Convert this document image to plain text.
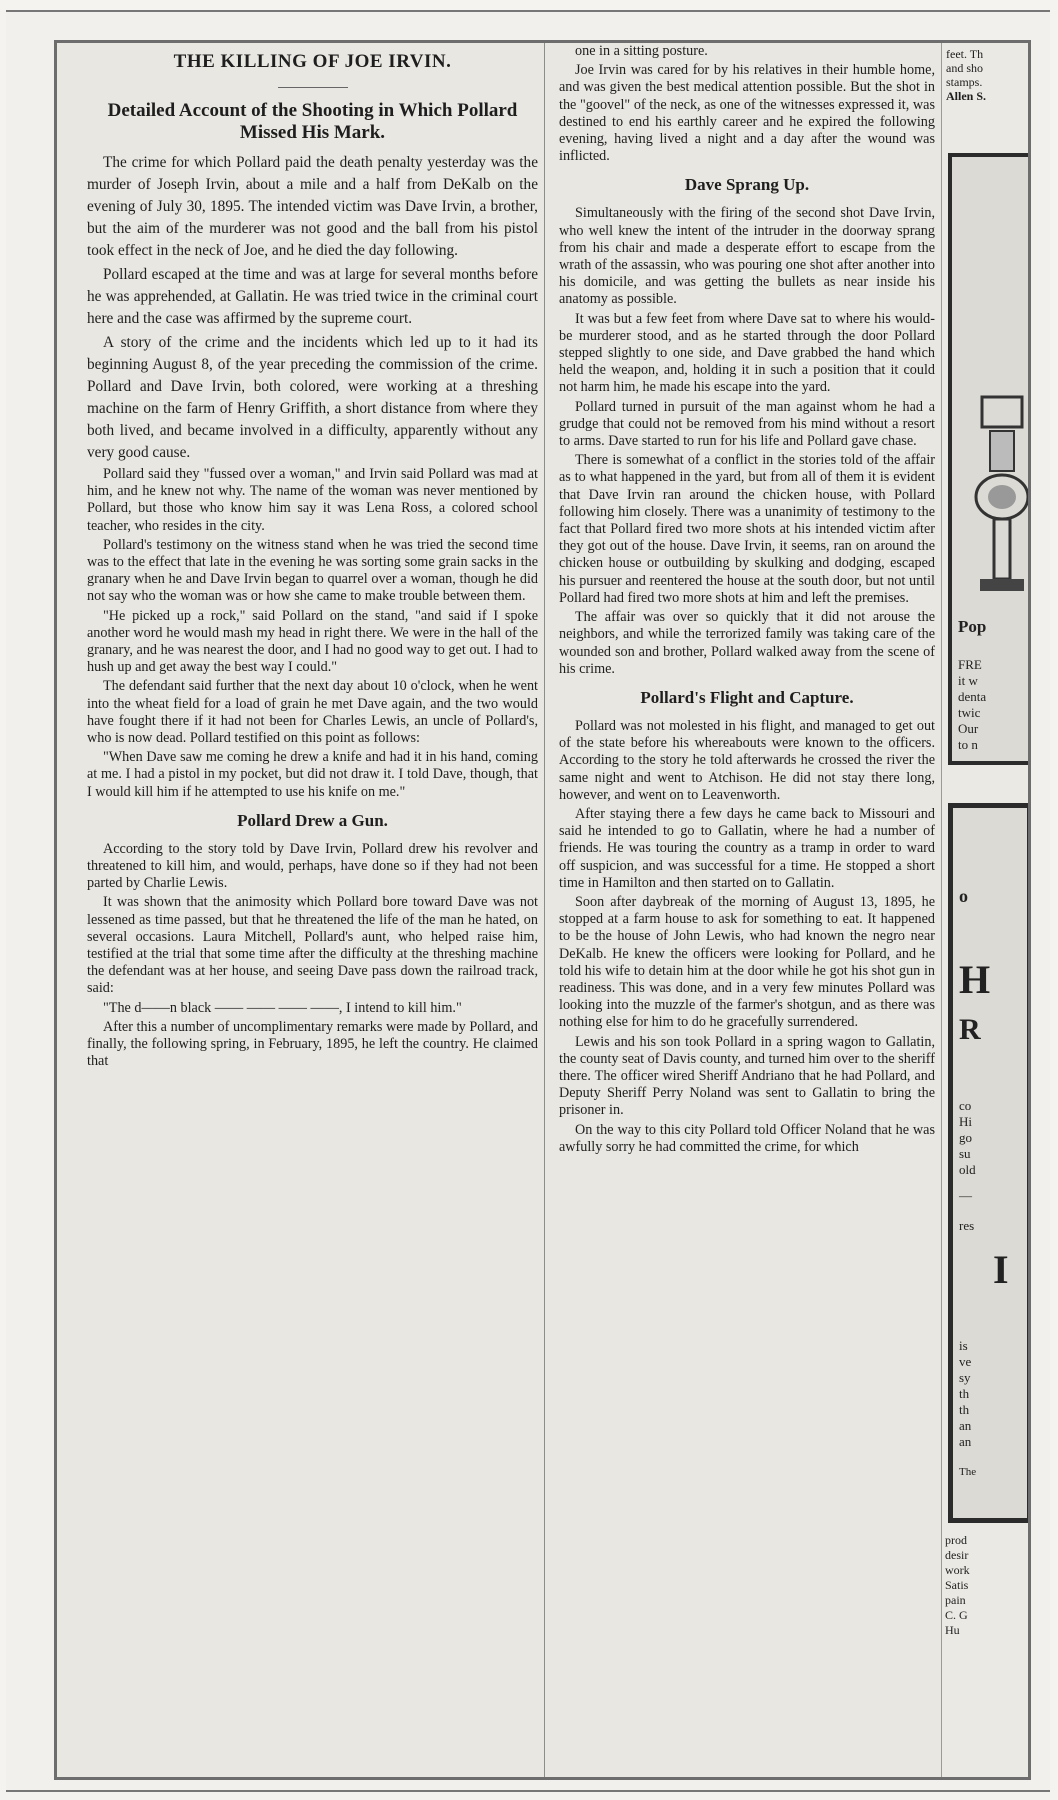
THE KILLING OF JOE IRVIN.
Detailed Account of the Shooting in Which Pollard Missed His Mark.

The crime for which Pollard paid the death penalty yesterday was the murder of Joseph Irvin, about a mile and a half from DeKalb on the evening of July 30, 1895. The intended victim was Dave Irvin, a brother, but the aim of the murderer was not good and the ball from his pistol took effect in the neck of Joe, and he died the day following.

Pollard escaped at the time and was at large for several months before he was apprehended, at Gallatin. He was tried twice in the criminal court here and the case was affirmed by the supreme court.

A story of the crime and the incidents which led up to it had its beginning August 8, of the year preceding the commission of the crime. Pollard and Dave Irvin, both colored, were working at a threshing machine on the farm of Henry Griffith, a short distance from where they both lived, and became involved in a difficulty, apparently without any very good cause.

Pollard said they "fussed over a woman," and Irvin said Pollard was mad at him, and he knew not why. The name of the woman was never mentioned by Pollard, but those who know him say it was Lena Ross, a colored school teacher, who resides in the city.

Pollard's testimony on the witness stand when he was tried the second time was to the effect that late in the evening he was sorting some grain sacks in the granary when he and Dave Irvin began to quarrel over a woman, though he did not say who the woman was or how she came to make trouble between them.

"He picked up a rock," said Pollard on the stand, "and said if I spoke another word he would mash my head in right there. We were in the hall of the granary, and he was nearest the door, and I had no good way to get out. I had to hush up and get away the best way I could."

The defendant said further that the next day about 10 o'clock, when he went into the wheat field for a load of grain he met Dave again, and the two would have fought there if it had not been for Charles Lewis, an uncle of Pollard's, who is now dead. Pollard testified on this point as follows:

"When Dave saw me coming he drew a knife and had it in his hand, coming at me. I had a pistol in my pocket, but did not draw it. I told Dave, though, that I would kill him if he attempted to use his knife on me."

Pollard Drew a Gun.

According to the story told by Dave Irvin, Pollard drew his revolver and threatened to kill him, and would, perhaps, have done so if they had not been parted by Charlie Lewis.

It was shown that the animosity which Pollard bore toward Dave was not lessened as time passed, but that he threatened the life of the man he hated, on several occasions. Laura Mitchell, Pollard's aunt, who helped raise him, testified at the trial that some time after the difficulty at the threshing machine the defendant was at her house, and seeing Dave pass down the railroad track, said:

"The d——n black —— —— —— ——, I intend to kill him."

After this a number of uncomplimentary remarks were made by Pollard, and finally, the following spring, in February, 1895, he left the country. He claimed that

one in a sitting posture.

Joe Irvin was cared for by his relatives in their humble home, and was given the best medical attention possible. But the shot in the "goovel" of the neck, as one of the witnesses expressed it, was destined to end his earthly career and he expired the following evening, having lived a night and a day after the wound was inflicted.

Dave Sprang Up.

Simultaneously with the firing of the second shot Dave Irvin, who well knew the intent of the intruder in the doorway sprang from his chair and made a desperate effort to escape from the wrath of the assassin, who was pouring one shot after another into his domicile, and was getting the bullets as near inside his anatomy as possible.

It was but a few feet from where Dave sat to where his would-be murderer stood, and as he started through the door Pollard stepped slightly to one side, and Dave grabbed the hand which held the weapon, and, holding it in such a position that it could not harm him, he made his escape into the yard.

Pollard turned in pursuit of the man against whom he had a grudge that could not be removed from his mind without a resort to arms. Dave started to run for his life and Pollard gave chase.

There is somewhat of a conflict in the stories told of the affair as to what happened in the yard, but from all of them it is evident that Dave Irvin ran around the chicken house, with Pollard following him closely. There was a unanimity of testimony to the fact that Pollard fired two more shots at his intended victim after they got out of the house. Dave Irvin, it seems, ran on around the chicken house or outbuilding by skulking and dodging, escaped his pursuer and reentered the house at the south door, but not until Pollard had fired two more shots at him and left the premises.

The affair was over so quickly that it did not arouse the neighbors, and while the terrorized family was taking care of the wounded son and brother, Pollard walked away from the scene of his crime.

Pollard's Flight and Capture.

Pollard was not molested in his flight, and managed to get out of the state before his whereabouts were known to the officers. According to the story he told afterwards he crossed the river the same night and went to Atchison. He did not stay there long, however, and went on to Leavenworth.

After staying there a few days he came back to Missouri and said he intended to go to Gallatin, where he had a number of friends. He was touring the country as a tramp in order to ward off suspicion, and was successful for a time. He stopped a short time in Hamilton and then started on to Gallatin.

Soon after daybreak of the morning of August 13, 1895, he stopped at a farm house to ask for something to eat. It happened to be the house of John Lewis, who had known the negro near DeKalb. He knew the officers were looking for Pollard, and he told his wife to detain him at the door while he got his shot gun in readiness. This was done, and in a very few minutes Pollard was looking into the muzzle of the farmer's shotgun, and as there was nothing else for him to do he gracefully surrendered.

Lewis and his son took Pollard in a spring wagon to Gallatin, the county seat of Davis county, and turned him over to the sheriff there. The officer wired Sheriff Andriano that he had Pollard, and Deputy Sheriff Perry Noland was sent to Gallatin to bring the prisoner in.

On the way to this city Pollard told Officer Noland that he was awfully sorry he had committed the crime, for which

feet. Th
and sho
stamps.
Allen S.
Pop
FRE
it w
denta
twic
Our
to n
o
H
R
co
Hi
go
su
old
—
res
I
is
ve
sy
th
th
an
an
The
prod
desir
work
Satis
pain
C. G
Hu
